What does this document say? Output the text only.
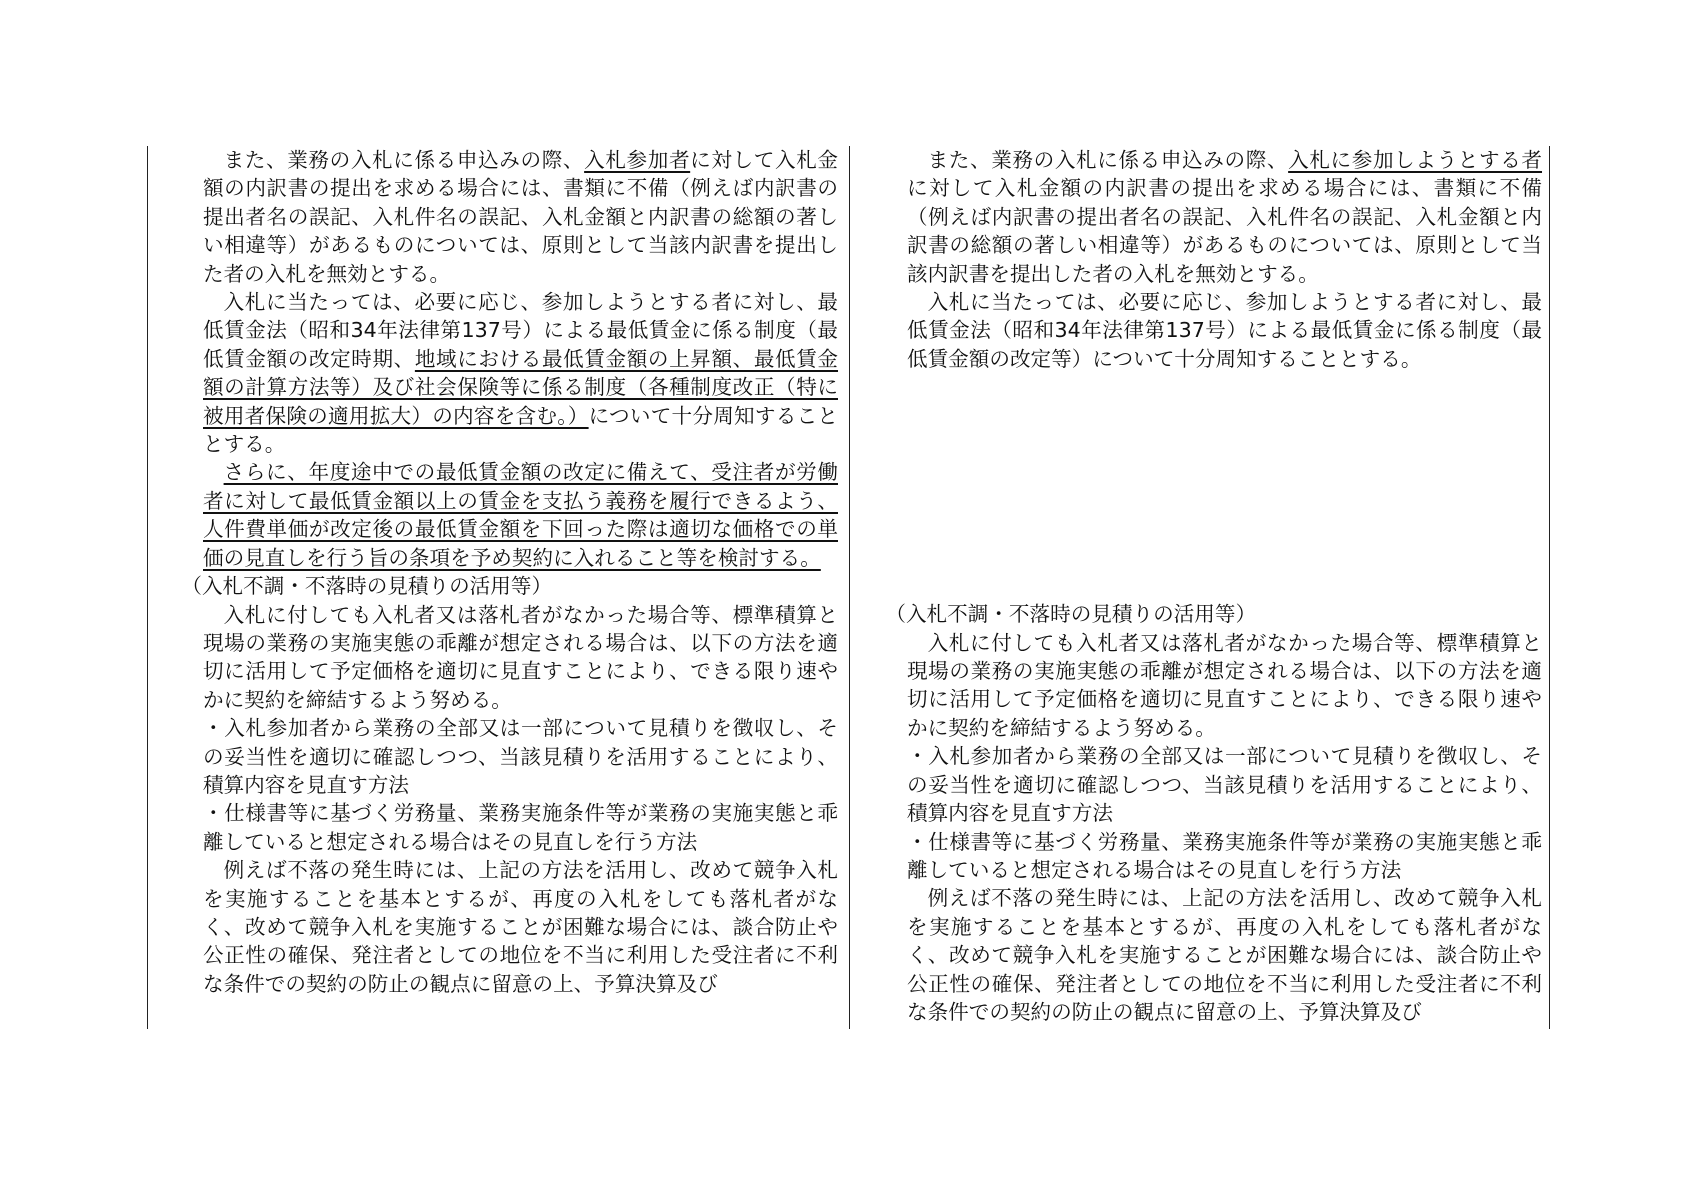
また、業務の入札に係る申込みの際、入札参加者に対して入札金額の内訳書の提出を求める場合には、書類に不備（例えば内訳書の提出者名の誤記、入札件名の誤記、入札金額と内訳書の総額の著しい相違等）があるものについては、原則として当該内訳書を提出した者の入札を無効とする。

入札に当たっては、必要に応じ、参加しようとする者に対し、最低賃金法（昭和34年法律第137号）による最低賃金に係る制度（最低賃金額の改定時期、地域における最低賃金額の上昇額、最低賃金額の計算方法等）及び社会保険等に係る制度（各種制度改正（特に被用者保険の適用拡大）の内容を含む。）について十分周知することとする。

さらに、年度途中での最低賃金額の改定に備えて、受注者が労働者に対して最低賃金額以上の賃金を支払う義務を履行できるよう、人件費単価が改定後の最低賃金額を下回った際は適切な価格での単価の見直しを行う旨の条項を予め契約に入れること等を検討する。

（入札不調・不落時の見積りの活用等）

入札に付しても入札者又は落札者がなかった場合等、標準積算と現場の業務の実施実態の乖離が想定される場合は、以下の方法を適切に活用して予定価格を適切に見直すことにより、できる限り速やかに契約を締結するよう努める。

・入札参加者から業務の全部又は一部について見積りを徴収し、その妥当性を適切に確認しつつ、当該見積りを活用することにより、積算内容を見直す方法

・仕様書等に基づく労務量、業務実施条件等が業務の実施実態と乖離していると想定される場合はその見直しを行う方法

例えば不落の発生時には、上記の方法を活用し、改めて競争入札を実施することを基本とするが、再度の入札をしても落札者がなく、改めて競争入札を実施することが困難な場合には、談合防止や公正性の確保、発注者としての地位を不当に利用した受注者に不利な条件での契約の防止の観点に留意の上、予算決算及び

また、業務の入札に係る申込みの際、入札に参加しようとする者に対して入札金額の内訳書の提出を求める場合には、書類に不備（例えば内訳書の提出者名の誤記、入札件名の誤記、入札金額と内訳書の総額の著しい相違等）があるものについては、原則として当該内訳書を提出した者の入札を無効とする。

入札に当たっては、必要に応じ、参加しようとする者に対し、最低賃金法（昭和34年法律第137号）による最低賃金に係る制度（最低賃金額の改定等）について十分周知することとする。

（入札不調・不落時の見積りの活用等）

入札に付しても入札者又は落札者がなかった場合等、標準積算と現場の業務の実施実態の乖離が想定される場合は、以下の方法を適切に活用して予定価格を適切に見直すことにより、できる限り速やかに契約を締結するよう努める。

・入札参加者から業務の全部又は一部について見積りを徴収し、その妥当性を適切に確認しつつ、当該見積りを活用することにより、積算内容を見直す方法

・仕様書等に基づく労務量、業務実施条件等が業務の実施実態と乖離していると想定される場合はその見直しを行う方法

例えば不落の発生時には、上記の方法を活用し、改めて競争入札を実施することを基本とするが、再度の入札をしても落札者がなく、改めて競争入札を実施することが困難な場合には、談合防止や公正性の確保、発注者としての地位を不当に利用した受注者に不利な条件での契約の防止の観点に留意の上、予算決算及び
